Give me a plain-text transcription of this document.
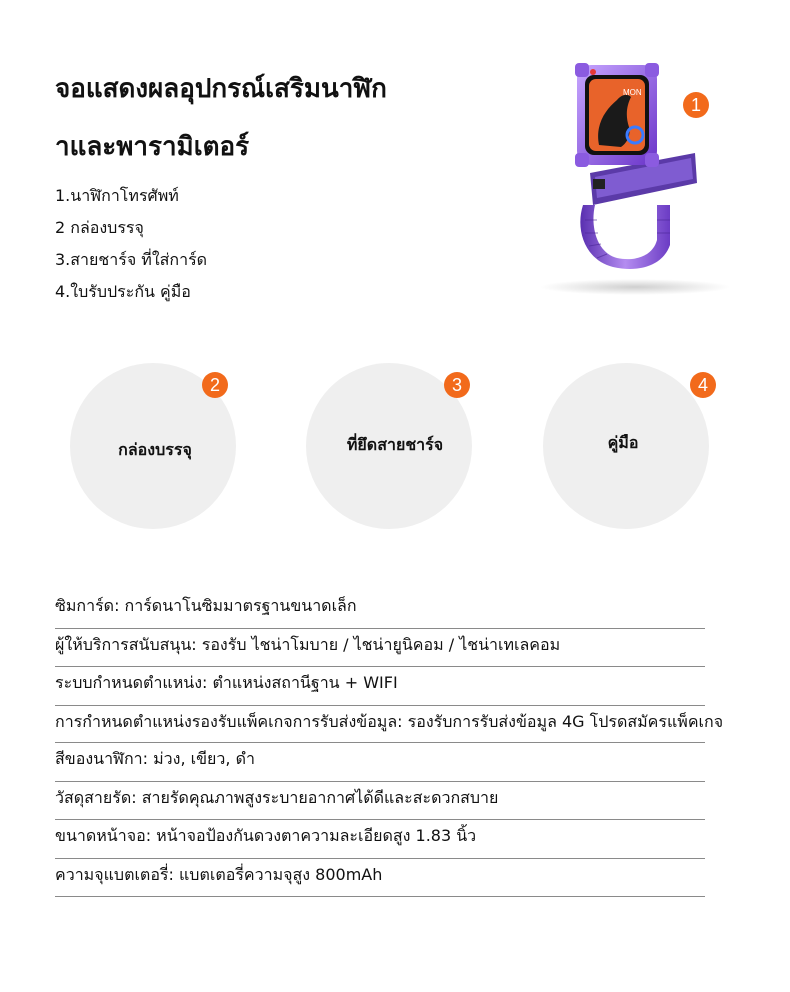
จอแสดงผลอุปกรณ์เสริมนาฬิก
าและพารามิเตอร์
1.นาฬิกาโทรศัพท์
2 กล่องบรรจุ
3.สายชาร์จ ที่ใส่การ์ด
4.ใบรับประกัน คู่มือ
MON
1
2
กล่องบรรจุ
3
ที่ยึดสายชาร์จ
4
คู่มือ
ซิมการ์ด: การ์ดนาโนซิมมาตรฐานขนาดเล็ก
ผู้ให้บริการสนับสนุน: รองรับ ไชน่าโมบาย / ไชน่ายูนิคอม / ไชน่าเทเลคอม
ระบบกำหนดตำแหน่ง: ตำแหน่งสถานีฐาน + WIFI
การกำหนดตำแหน่งรองรับแพ็คเกจการรับส่งข้อมูล: รองรับการรับส่งข้อมูล 4G โปรดสมัครแพ็คเกจ
สีของนาฬิกา: ม่วง, เขียว, ดำ
วัสดุสายรัด: สายรัดคุณภาพสูงระบายอากาศได้ดีและสะดวกสบาย
ขนาดหน้าจอ: หน้าจอป้องกันดวงตาความละเอียดสูง 1.83 นิ้ว
ความจุแบตเตอรี่: แบตเตอรี่ความจุสูง 800mAh
